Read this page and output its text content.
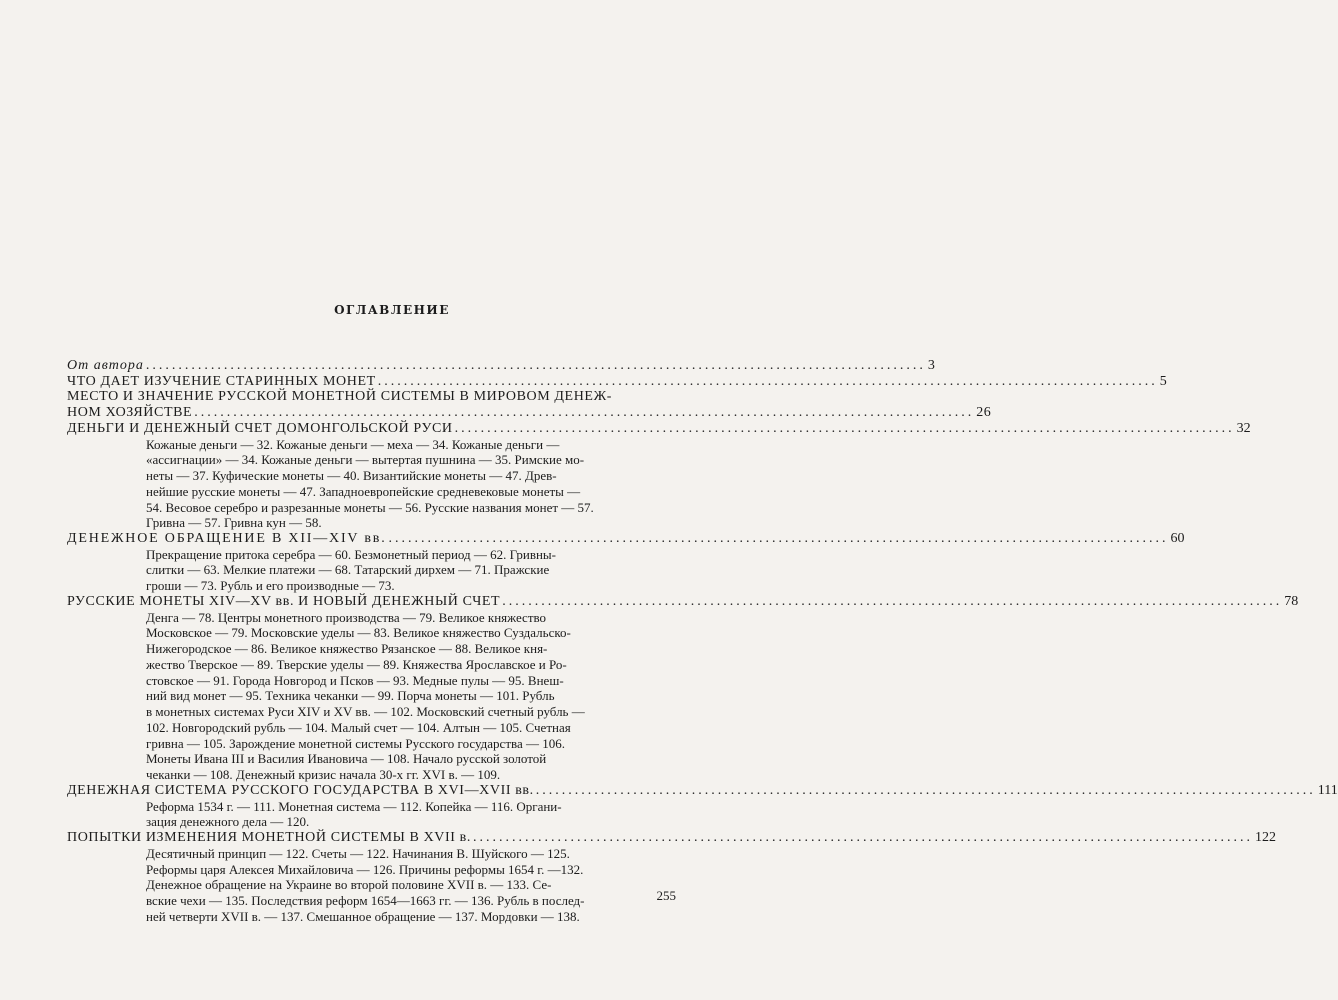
ОГЛАВЛЕНИЕ
От автора ........................................................................................................................ 3
ЧТО ДАЕТ ИЗУЧЕНИЕ СТАРИННЫХ МОНЕТ ........................................................................................................................ 5
МЕСТО И ЗНАЧЕНИЕ РУССКОЙ МОНЕТНОЙ СИСТЕМЫ В МИРОВОМ ДЕНЕЖ-
НОМ ХОЗЯЙСТВЕ ........................................................................................................................ 26
ДЕНЬГИ И ДЕНЕЖНЫЙ СЧЕТ ДОМОНГОЛЬСКОЙ РУСИ ........................................................................................................................ 32
Кожаные деньги — 32. Кожаные деньги — меха — 34. Кожаные деньги —
«ассигнации» — 34. Кожаные деньги — вытертая пушнина — 35. Римские мо-
неты — 37. Куфические монеты — 40. Византийские монеты — 47. Древ-
нейшие русские монеты — 47. Западноевропейские средневековые монеты —
54. Весовое серебро и разрезанные монеты — 56. Русские названия монет — 57.
Гривна — 57. Гривна кун — 58.
ДЕНЕЖНОЕ ОБРАЩЕНИЕ В XII—XIV вв. ........................................................................................................................ 60
Прекращение притока серебра — 60. Безмонетный период — 62. Гривны-
слитки — 63. Мелкие платежи — 68. Татарский дирхем — 71. Пражские
гроши — 73. Рубль и его производные — 73.
РУССКИЕ МОНЕТЫ XIV—XV вв. И НОВЫЙ ДЕНЕЖНЫЙ СЧЕТ ........................................................................................................................ 78
Денга — 78. Центры монетного производства — 79. Великое княжество
Московское — 79. Московские уделы — 83. Великое княжество Суздальско-
Нижегородское — 86. Великое княжество Рязанское — 88. Великое кня-
жество Тверское — 89. Тверские уделы — 89. Княжества Ярославское и Ро-
стовское — 91. Города Новгород и Псков — 93. Медные пулы — 95. Внеш-
ний вид монет — 95. Техника чеканки — 99. Порча монеты — 101. Рубль
в монетных системах Руси XIV и XV вв. — 102. Московский счетный рубль —
102. Новгородский рубль — 104. Малый счет — 104. Алтын — 105. Счетная
гривна — 105. Зарождение монетной системы Русского государства — 106.
Монеты Ивана III и Василия Ивановича — 108. Начало русской золотой
чеканки — 108. Денежный кризис начала 30-х гг. XVI в. — 109.
ДЕНЕЖНАЯ СИСТЕМА РУССКОГО ГОСУДАРСТВА В XVI—XVII вв. ........................................................................................................................ 111
Реформа 1534 г. — 111. Монетная система — 112. Копейка — 116. Органи-
зация денежного дела — 120.
ПОПЫТКИ ИЗМЕНЕНИЯ МОНЕТНОЙ СИСТЕМЫ В XVII в. ........................................................................................................................ 122
Десятичный принцип — 122. Счеты — 122. Начинания В. Шуйского — 125.
Реформы царя Алексея Михайловича — 126. Причины реформы 1654 г. —132.
Денежное обращение на Украине во второй половине XVII в. — 133. Се-
вские чехи — 135. Последствия реформ 1654—1663 гг. — 136. Рубль в послед-
ней четверти XVII в. — 137. Смешанное обращение — 137. Мордовки — 138.
255
